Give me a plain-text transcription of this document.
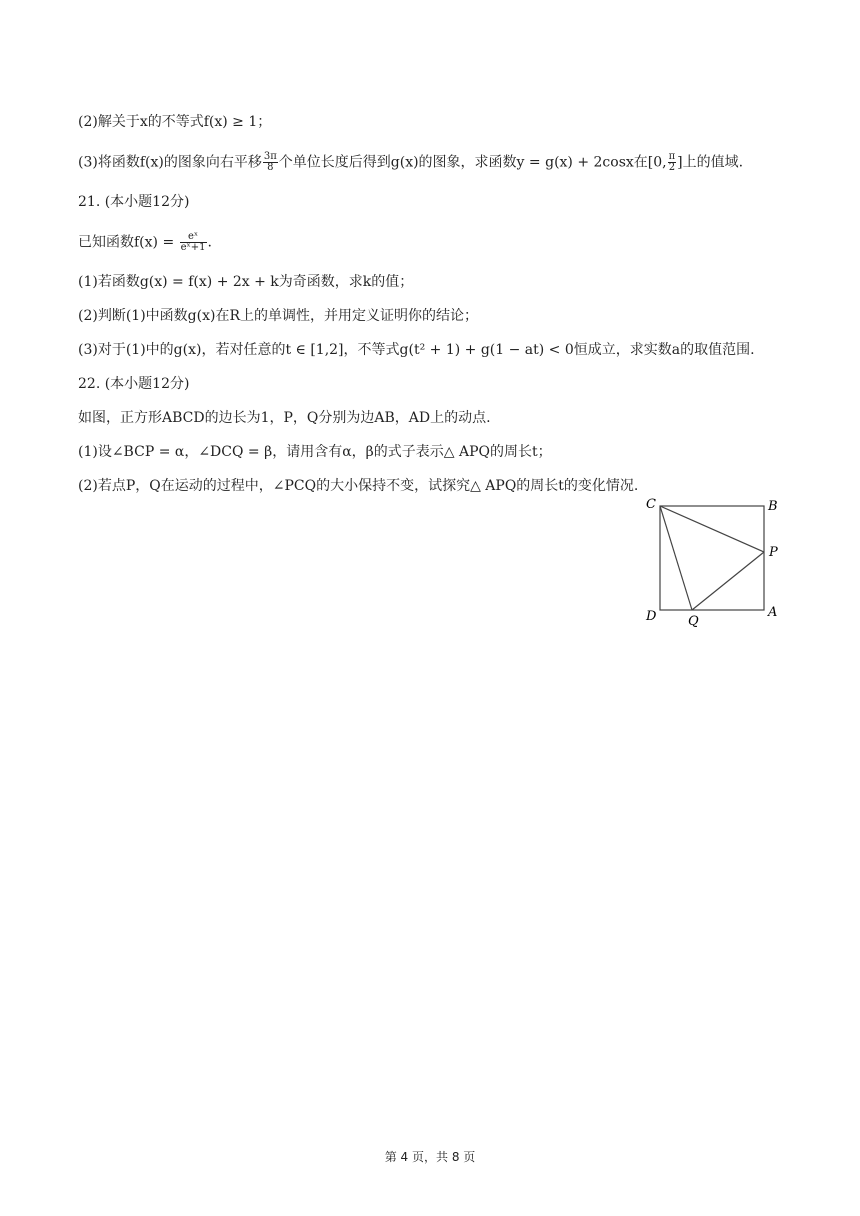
(2)解关于x的不等式f(x) ≥ 1；
(3)将函数f(x)的图象向右平移 $\frac{3\pi}{8}$ 个单位长度后得到g(x)的图象，求函数y = g(x) + 2cosx在[0, $\frac{\pi}{2}$ ]上的值域.
21. (本小题12分)
已知函数$f(x) = \frac{\text{eˣ}}{\text{eˣ+1}}$ .
(1)若函数g(x) = f(x) + 2x + k为奇函数，求k的值；
(2)判断(1)中函数g(x)在R上的单调性，并用定义证明你的结论；
(3)对于(1)中的g(x)，若对任意的t ∈ [1,2]，不等式g(t² + 1) + g(1 − at) < 0恒成立，求实数a的取值范围.
22. (本小题12分)
如图，正方形ABCD的边长为1，P，Q分别为边AB，AD上的动点.
(1)设∠BCP = α，∠DCQ = β，请用含有α，β的式子表示△ APQ的周长t；
(2)若点P，Q在运动的过程中，∠PCQ的大小保持不变，试探究△ APQ的周长t的变化情况.
C	B
P
D Q
A
第 4 页，共 8 页
